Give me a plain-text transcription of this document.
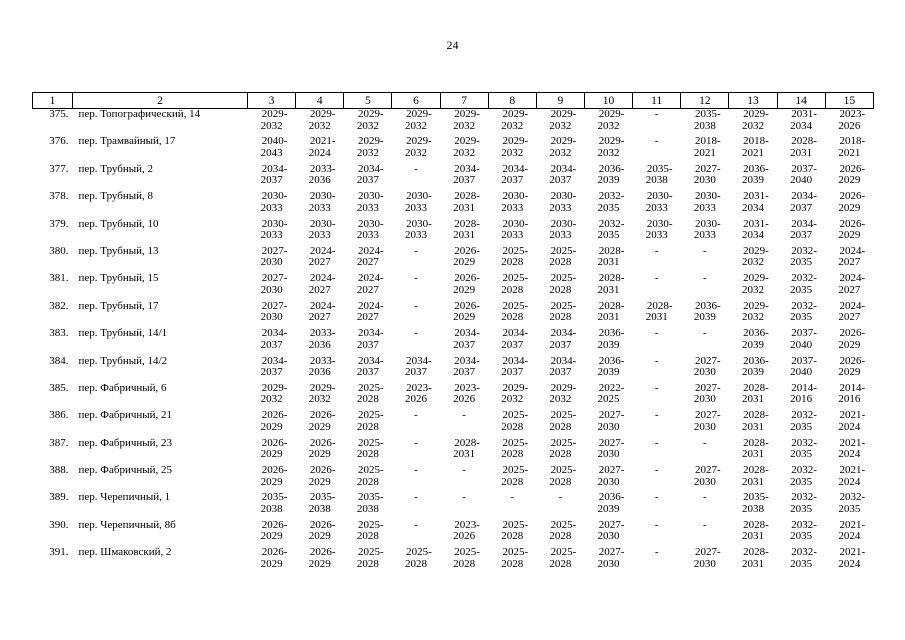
24
1	2	3	4	5	6	7	8	9	10	11	12	13	14	15
375.	пер. Топографический, 14	2029-
2032	2029-
2032	2029-
2032	2029-
2032	2029-
2032	2029-
2032	2029-
2032	2029-
2032	-	2035-
2038	2029-
2032	2031-
2034	2023-
2026

376.	пер. Трамвайный, 17	2040-
2043	2021-
2024	2029-
2032	2029-
2032	2029-
2032	2029-
2032	2029-
2032	2029-
2032	-	2018-
2021	2018-
2021	2028-
2031	2018-
2021

377.	пер. Трубный, 2	2034-
2037	2033-
2036	2034-
2037	-	2034-
2037	2034-
2037	2034-
2037	2036-
2039	2035-
2038	2027-
2030	2036-
2039	2037-
2040	2026-
2029

378.	пер. Трубный, 8	2030-
2033	2030-
2033	2030-
2033	2030-
2033	2028-
2031	2030-
2033	2030-
2033	2032-
2035	2030-
2033	2030-
2033	2031-
2034	2034-
2037	2026-
2029

379.	пер. Трубный, 10	2030-
2033	2030-
2033	2030-
2033	2030-
2033	2028-
2031	2030-
2033	2030-
2033	2032-
2035	2030-
2033	2030-
2033	2031-
2034	2034-
2037	2026-
2029

380.	пер. Трубный, 13	2027-
2030	2024-
2027	2024-
2027	-	2026-
2029	2025-
2028	2025-
2028	2028-
2031	-	-	2029-
2032	2032-
2035	2024-
2027

381.	пер. Трубный, 15	2027-
2030	2024-
2027	2024-
2027	-	2026-
2029	2025-
2028	2025-
2028	2028-
2031	-	-	2029-
2032	2032-
2035	2024-
2027

382.	пер. Трубный, 17	2027-
2030	2024-
2027	2024-
2027	-	2026-
2029	2025-
2028	2025-
2028	2028-
2031	2028-
2031	2036-
2039	2029-
2032	2032-
2035	2024-
2027

383.	пер. Трубный, 14/1	2034-
2037	2033-
2036	2034-
2037	-	2034-
2037	2034-
2037	2034-
2037	2036-
2039	-	-	2036-
2039	2037-
2040	2026-
2029

384.	пер. Трубный, 14/2	2034-
2037	2033-
2036	2034-
2037	2034-
2037	2034-
2037	2034-
2037	2034-
2037	2036-
2039	-	2027-
2030	2036-
2039	2037-
2040	2026-
2029

385.	пер. Фабричный, 6	2029-
2032	2029-
2032	2025-
2028	2023-
2026	2023-
2026	2029-
2032	2029-
2032	2022-
2025	-	2027-
2030	2028-
2031	2014-
2016	2014-
2016

386.	пер. Фабричный, 21	2026-
2029	2026-
2029	2025-
2028	-	-	2025-
2028	2025-
2028	2027-
2030	-	2027-
2030	2028-
2031	2032-
2035	2021-
2024

387.	пер. Фабричный, 23	2026-
2029	2026-
2029	2025-
2028	-	2028-
2031	2025-
2028	2025-
2028	2027-
2030	-	-	2028-
2031	2032-
2035	2021-
2024

388.	пер. Фабричный, 25	2026-
2029	2026-
2029	2025-
2028	-	-	2025-
2028	2025-
2028	2027-
2030	-	2027-
2030	2028-
2031	2032-
2035	2021-
2024

389.	пер. Черепичный, 1	2035-
2038	2035-
2038	2035-
2038	-	-	-	-	2036-
2039	-	-	2035-
2038	2032-
2035	2032-
2035

390.	пер. Черепичный, 8б	2026-
2029	2026-
2029	2025-
2028	-	2023-
2026	2025-
2028	2025-
2028	2027-
2030	-	-	2028-
2031	2032-
2035	2021-
2024

391.	пер. Шмаковский, 2	2026-
2029	2026-
2029	2025-
2028	2025-
2028	2025-
2028	2025-
2028	2025-
2028	2027-
2030	-	2027-
2030	2028-
2031	2032-
2035	2021-
2024
